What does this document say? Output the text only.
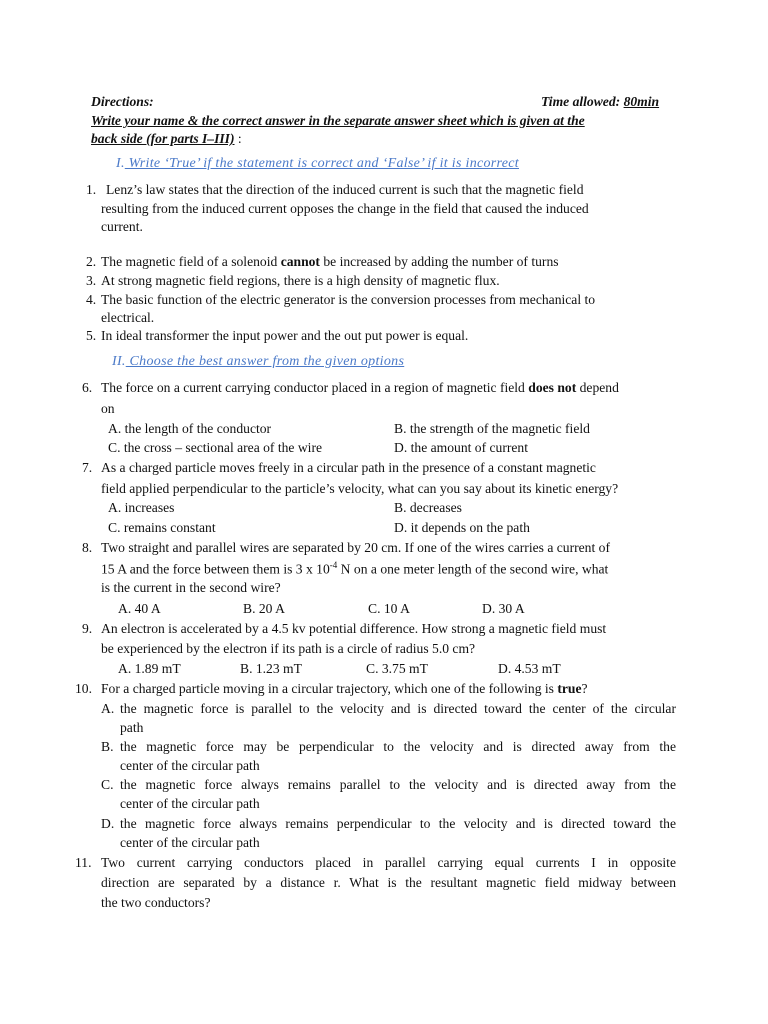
Directions:	Time allowed: 80min
Write your name & the correct answer in the separate answer sheet which is given at the
back side (for parts I–III) :
I. Write ‘True’ if the statement is correct and ‘False’ if it is incorrect
1. Lenz’s law states that the direction of the induced current is such that the magnetic field
resulting from the induced current opposes the change in the field that caused the induced
current.
2. The magnetic field of a solenoid cannot be increased by adding the number of turns
3. At strong magnetic field regions, there is a high density of magnetic flux.
4. The basic function of the electric generator is the conversion processes from mechanical to
electrical.
5. In ideal transformer the input power and the out put power is equal.
II. Choose the best answer from the given options
6. The force on a current carrying conductor placed in a region of magnetic field does not depend
on
A. the length of the conductor	B. the strength of the magnetic field
C. the cross – sectional area of the wire	D. the amount of current
7. As a charged particle moves freely in a circular path in the presence of a constant magnetic
field applied perpendicular to the particle’s velocity, what can you say about its kinetic energy?
A. increases	B. decreases
C. remains constant	D. it depends on the path
8. Two straight and parallel wires are separated by 20 cm. If one of the wires carries a current of
15 A and the force between them is 3 x $10^{-4}$ N on a one meter length of the second wire, what
is the current in the second wire?
A. 40 A	B. 20 A	C. 10 A	D. 30 A
9. An electron is accelerated by a 4.5 kv potential difference. How strong a magnetic field must
be experienced by the electron if its path is a circle of radius 5.0 cm?
A. 1.89 mT	B. 1.23 mT	C. 3.75 mT	D. 4.53 mT
10. For a charged particle moving in a circular trajectory, which one of the following is true?
A. the magnetic force is parallel to the velocity and is directed toward the center of the circular
path
B. the magnetic force may be perpendicular to the velocity and is directed away from the
center of the circular path
C. the magnetic force always remains parallel to the velocity and is directed away from the
center of the circular path
D. the magnetic force always remains perpendicular to the velocity and is directed toward the
center of the circular path
11. Two current carrying conductors placed in parallel carrying equal currents I in opposite
direction are separated by a distance r. What is the resultant magnetic field midway between
the two conductors?
